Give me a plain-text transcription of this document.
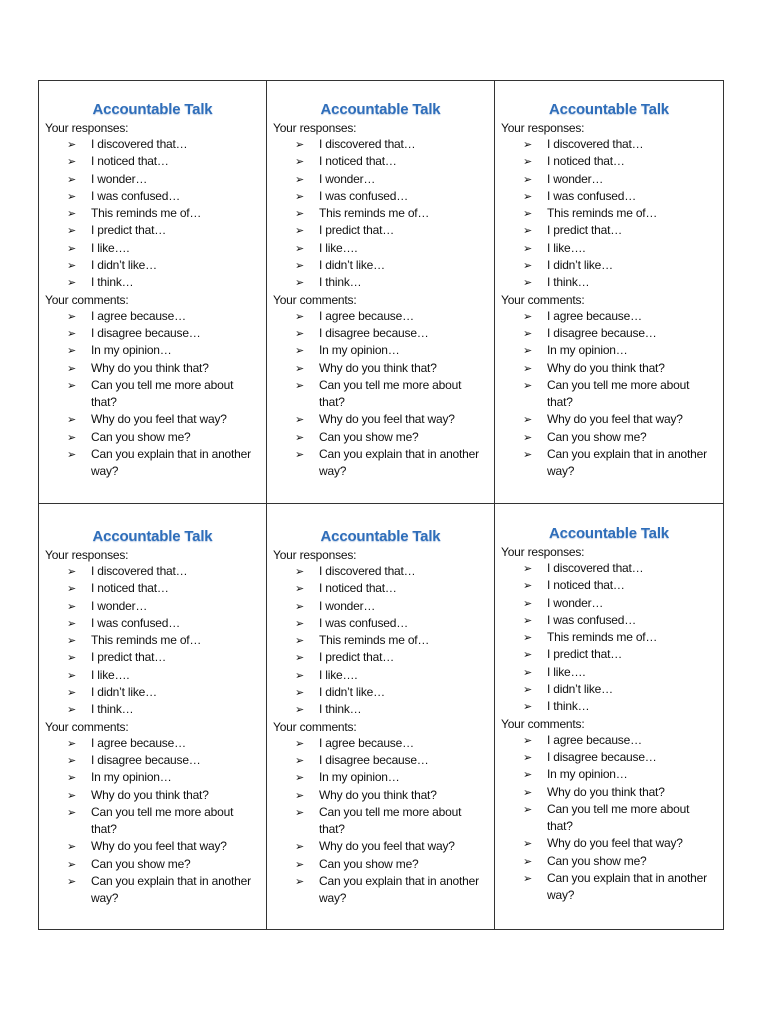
Accountable Talk
Your responses:
➢ I discovered that…
➢ I noticed that…
➢ I wonder…
➢ I was confused…
➢ This reminds me of…
➢ I predict that…
➢ I like….
➢ I didn’t like…
➢ I think…
Your comments:
➢ I agree because…
➢ I disagree because…
➢ In my opinion…
➢ Why do you think that?
➢ Can you tell me more about that?
➢ Why do you feel that way?
➢ Can you show me?
➢ Can you explain that in another way?
Accountable Talk
Your responses:
➢ I discovered that…
➢ I noticed that…
➢ I wonder…
➢ I was confused…
➢ This reminds me of…
➢ I predict that…
➢ I like….
➢ I didn’t like…
➢ I think…
Your comments:
➢ I agree because…
➢ I disagree because…
➢ In my opinion…
➢ Why do you think that?
➢ Can you tell me more about that?
➢ Why do you feel that way?
➢ Can you show me?
➢ Can you explain that in another way?
Accountable Talk
Your responses:
➢ I discovered that…
➢ I noticed that…
➢ I wonder…
➢ I was confused…
➢ This reminds me of…
➢ I predict that…
➢ I like….
➢ I didn’t like…
➢ I think…
Your comments:
➢ I agree because…
➢ I disagree because…
➢ In my opinion…
➢ Why do you think that?
➢ Can you tell me more about that?
➢ Why do you feel that way?
➢ Can you show me?
➢ Can you explain that in another way?
Accountable Talk
Your responses:
➢ I discovered that…
➢ I noticed that…
➢ I wonder…
➢ I was confused…
➢ This reminds me of…
➢ I predict that…
➢ I like….
➢ I didn’t like…
➢ I think…
Your comments:
➢ I agree because…
➢ I disagree because…
➢ In my opinion…
➢ Why do you think that?
➢ Can you tell me more about that?
➢ Why do you feel that way?
➢ Can you show me?
➢ Can you explain that in another way?
Accountable Talk
Your responses:
➢ I discovered that…
➢ I noticed that…
➢ I wonder…
➢ I was confused…
➢ This reminds me of…
➢ I predict that…
➢ I like….
➢ I didn’t like…
➢ I think…
Your comments:
➢ I agree because…
➢ I disagree because…
➢ In my opinion…
➢ Why do you think that?
➢ Can you tell me more about that?
➢ Why do you feel that way?
➢ Can you show me?
➢ Can you explain that in another way?
Accountable Talk
Your responses:
➢ I discovered that…
➢ I noticed that…
➢ I wonder…
➢ I was confused…
➢ This reminds me of…
➢ I predict that…
➢ I like….
➢ I didn’t like…
➢ I think…
Your comments:
➢ I agree because…
➢ I disagree because…
➢ In my opinion…
➢ Why do you think that?
➢ Can you tell me more about that?
➢ Why do you feel that way?
➢ Can you show me?
➢ Can you explain that in another way?
